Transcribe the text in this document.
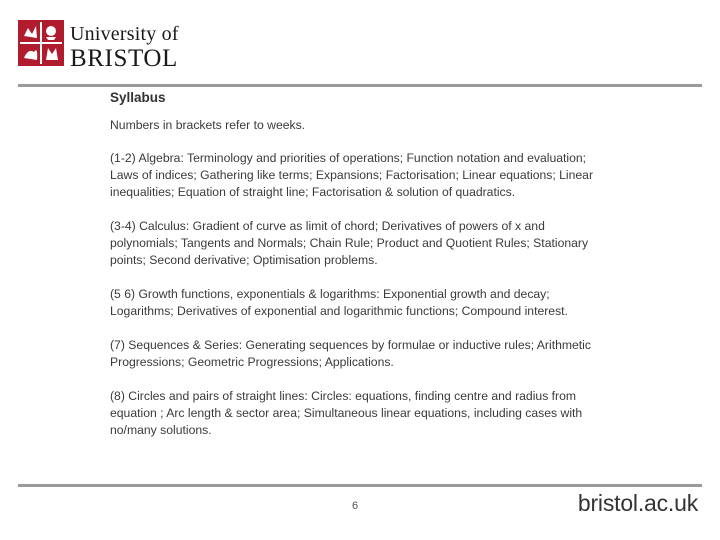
University of
BRISTOL
Syllabus
Numbers in brackets refer to weeks.
(1-2) Algebra: Terminology and priorities of operations; Function notation and evaluation; Laws of indices; Gathering like terms; Expansions; Factorisation; Linear equations; Linear inequalities; Equation of straight line; Factorisation & solution of quadratics.
(3-4) Calculus: Gradient of curve as limit of chord; Derivatives of powers of x and polynomials; Tangents and Normals; Chain Rule; Product and Quotient Rules; Stationary points; Second derivative; Optimisation problems.
(5 6) Growth functions, exponentials & logarithms: Exponential growth and decay; Logarithms; Derivatives of exponential and logarithmic functions; Compound interest.
(7) Sequences & Series: Generating sequences by formulae or inductive rules; Arithmetic Progressions; Geometric Progressions; Applications.
(8) Circles and pairs of straight lines: Circles: equations, finding centre and radius from equation ; Arc length & sector area; Simultaneous linear equations, including cases with no/many solutions.
6	bristol.ac.uk
